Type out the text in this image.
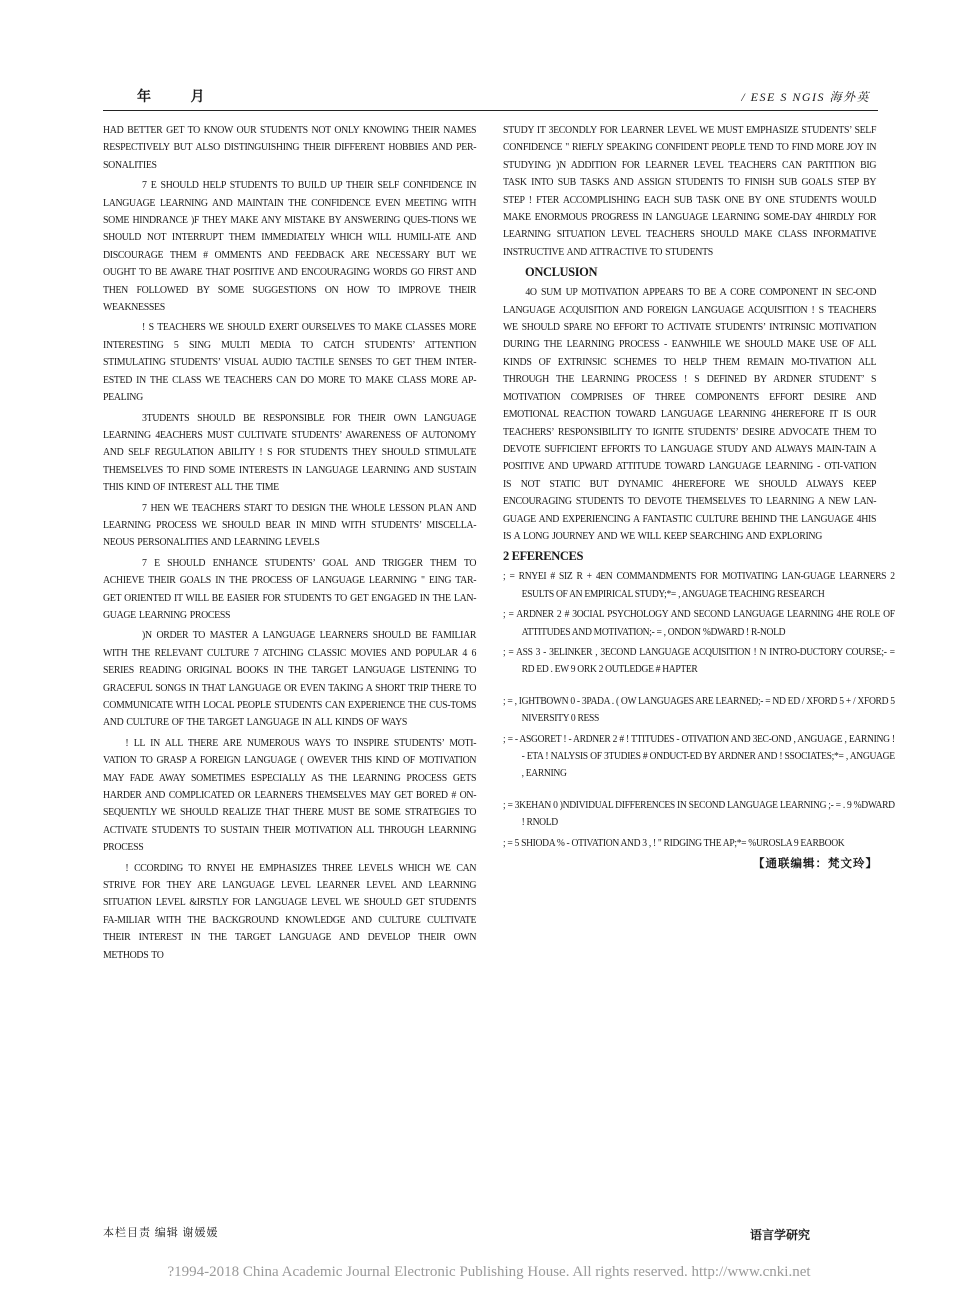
年 月	/ ESE S NGIS 海外英

HAD BETTER GET TO KNOW OUR STUDENTS NOT ONLY KNOWING THEIR NAMES RESPECTIVELY BUT ALSO DISTINGUISHING THEIR DIFFERENT HOBBIES AND PER-SONALITIES

7 E SHOULD HELP STUDENTS TO BUILD UP THEIR SELF CONFIDENCE IN LANGUAGE LEARNING AND MAINTAIN THE CONFIDENCE EVEN MEETING WITH SOME HINDRANCE )F THEY MAKE ANY MISTAKE BY ANSWERING QUES-TIONS WE SHOULD NOT INTERRUPT THEM IMMEDIATELY WHICH WILL HUMILI-ATE AND DISCOURAGE THEM # OMMENTS AND FEEDBACK ARE NECESSARY BUT WE OUGHT TO BE AWARE THAT POSITIVE AND ENCOURAGING WORDS GO FIRST AND THEN FOLLOWED BY SOME SUGGESTIONS ON HOW TO IMPROVE THEIR WEAKNESSES

! S TEACHERS WE SHOULD EXERT OURSELVES TO MAKE CLASSES MORE INTERESTING 5 SING MULTI MEDIA TO CATCH STUDENTS’ ATTENTION STIMULATING STUDENTS’ VISUAL AUDIO TACTILE SENSES TO GET THEM INTER-ESTED IN THE CLASS WE TEACHERS CAN DO MORE TO MAKE CLASS MORE AP-PEALING

3TUDENTS SHOULD BE RESPONSIBLE FOR THEIR OWN LANGUAGE LEARNING 4EACHERS MUST CULTIVATE STUDENTS’ AWARENESS OF AUTONOMY AND SELF REGULATION ABILITY ! S FOR STUDENTS THEY SHOULD STIMULATE THEMSELVES TO FIND SOME INTERESTS IN LANGUAGE LEARNING AND SUSTAIN THIS KIND OF INTEREST ALL THE TIME

7 HEN WE TEACHERS START TO DESIGN THE WHOLE LESSON PLAN AND LEARNING PROCESS WE SHOULD BEAR IN MIND WITH STUDENTS’ MISCELLA-NEOUS PERSONALITIES AND LEARNING LEVELS

7 E SHOULD ENHANCE STUDENTS’ GOAL AND TRIGGER THEM TO ACHIEVE THEIR GOALS IN THE PROCESS OF LANGUAGE LEARNING " EING TAR-GET ORIENTED IT WILL BE EASIER FOR STUDENTS TO GET ENGAGED IN THE LAN-GUAGE LEARNING PROCESS

)N ORDER TO MASTER A LANGUAGE LEARNERS SHOULD BE FAMILIAR WITH THE RELEVANT CULTURE 7 ATCHING CLASSIC MOVIES AND POPULAR 4 6 SERIES READING ORIGINAL BOOKS IN THE TARGET LANGUAGE LISTENING TO GRACEFUL SONGS IN THAT LANGUAGE OR EVEN TAKING A SHORT TRIP THERE TO COMMUNICATE WITH LOCAL PEOPLE STUDENTS CAN EXPERIENCE THE CUS-TOMS AND CULTURE OF THE TARGET LANGUAGE IN ALL KINDS OF WAYS

! LL IN ALL THERE ARE NUMEROUS WAYS TO INSPIRE STUDENTS’ MOTI-VATION TO GRASP A FOREIGN LANGUAGE ( OWEVER THIS KIND OF MOTIVATION MAY FADE AWAY SOMETIMES ESPECIALLY AS THE LEARNING PROCESS GETS HARDER AND COMPLICATED OR LEARNERS THEMSELVES MAY GET BORED # ON-SEQUENTLY WE SHOULD REALIZE THAT THERE MUST BE SOME STRATEGIES TO ACTIVATE STUDENTS TO SUSTAIN THEIR MOTIVATION ALL THROUGH LEARNING PROCESS

! CCORDING TO RNYEI HE EMPHASIZES THREE LEVELS WHICH WE CAN STRIVE FOR THEY ARE LANGUAGE LEVEL LEARNER LEVEL AND LEARNING SITUATION LEVEL &IRSTLY FOR LANGUAGE LEVEL WE SHOULD GET STUDENTS FA-MILIAR WITH THE BACKGROUND KNOWLEDGE AND CULTURE CULTIVATE THEIR INTEREST IN THE TARGET LANGUAGE AND DEVELOP THEIR OWN METHODS TO

STUDY IT 3ECONDLY FOR LEARNER LEVEL WE MUST EMPHASIZE STUDENTS’ SELF CONFIDENCE " RIEFLY SPEAKING CONFIDENT PEOPLE TEND TO FIND MORE JOY IN STUDYING )N ADDITION FOR LEARNER LEVEL TEACHERS CAN PARTITION BIG TASK INTO SUB TASKS AND ASSIGN STUDENTS TO FINISH SUB GOALS STEP BY STEP ! FTER ACCOMPLISHING EACH SUB TASK ONE BY ONE STUDENTS WOULD MAKE ENORMOUS PROGRESS IN LANGUAGE LEARNING SOME-DAY 4HIRDLY FOR LEARNING SITUATION LEVEL TEACHERS SHOULD MAKE CLASS INFORMATIVE INSTRUCTIVE AND ATTRACTIVE TO STUDENTS

ONCLUSION

4O SUM UP MOTIVATION APPEARS TO BE A CORE COMPONENT IN SEC-OND LANGUAGE ACQUISITION AND FOREIGN LANGUAGE ACQUISITION ! S TEACHERS WE SHOULD SPARE NO EFFORT TO ACTIVATE STUDENTS’ INTRINSIC MOTIVATION DURING THE LEARNING PROCESS - EANWHILE WE SHOULD MAKE USE OF ALL KINDS OF EXTRINSIC SCHEMES TO HELP THEM REMAIN MO-TIVATION ALL THROUGH THE LEARNING PROCESS ! S DEFINED BY ARDNER STUDENT’ S MOTIVATION COMPRISES OF THREE COMPONENTS EFFORT DESIRE AND EMOTIONAL REACTION TOWARD LANGUAGE LEARNING 4HEREFORE IT IS OUR TEACHERS’ RESPONSIBILITY TO IGNITE STUDENTS’ DESIRE ADVOCATE THEM TO DEVOTE SUFFICIENT EFFORTS TO LANGUAGE STUDY AND ALWAYS MAIN-TAIN A POSITIVE AND UPWARD ATTITUDE TOWARD LANGUAGE LEARNING - OTI-VATION IS NOT STATIC BUT DYNAMIC 4HEREFORE WE SHOULD ALWAYS KEEP ENCOURAGING STUDENTS TO DEVOTE THEMSELVES TO LEARNING A NEW LAN-GUAGE AND EXPERIENCING A FANTASTIC CULTURE BEHIND THE LANGUAGE 4HIS IS A LONG JOURNEY AND WE WILL KEEP SEARCHING AND EXPLORING

2 EFERENCES
; = RNYEI # SIZ R + 4EN COMMANDMENTS FOR MOTIVATING LAN-GUAGE LEARNERS 2 ESULTS OF AN EMPIRICAL STUDY;*= , ANGUAGE TEACHING RESEARCH
; = ARDNER 2 # 3OCIAL PSYCHOLOGY AND SECOND LANGUAGE LEARNING 4HE ROLE OF ATTITUDES AND MOTIVATION;- = , ONDON %DWARD ! R-NOLD
; = ASS 3 - 3ELINKER , 3ECOND LANGUAGE ACQUISITION ! N INTRO-DUCTORY COURSE;- = RD ED . EW 9 ORK 2 OUTLEDGE # HAPTER
; = , IGHTBOWN 0 - 3PADA . ( OW LANGUAGES ARE LEARNED;- = ND ED / XFORD 5 + / XFORD 5 NIVERSITY 0 RESS
; = - ASGORET ! - ARDNER 2 # ! TTITUDES - OTIVATION AND 3EC-OND , ANGUAGE , EARNING ! - ETA ! NALYSIS OF 3TUDIES # ONDUCT-ED BY ARDNER AND ! SSOCIATES;*= , ANGUAGE , EARNING
; = 3KEHAN 0 )NDIVIDUAL DIFFERENCES IN SECOND LANGUAGE LEARNING ;- = . 9 %DWARD ! RNOLD
; = 5 SHIODA % - OTIVATION AND 3 , ! " RIDGING THE AP;*= %UROSLA 9 EARBOOK
【通联编辑：梵文玲】
本栏目责 编辑 谢媛媛	语言学研究
?1994-2018 China Academic Journal Electronic Publishing House. All rights reserved. http://www.cnki.net
